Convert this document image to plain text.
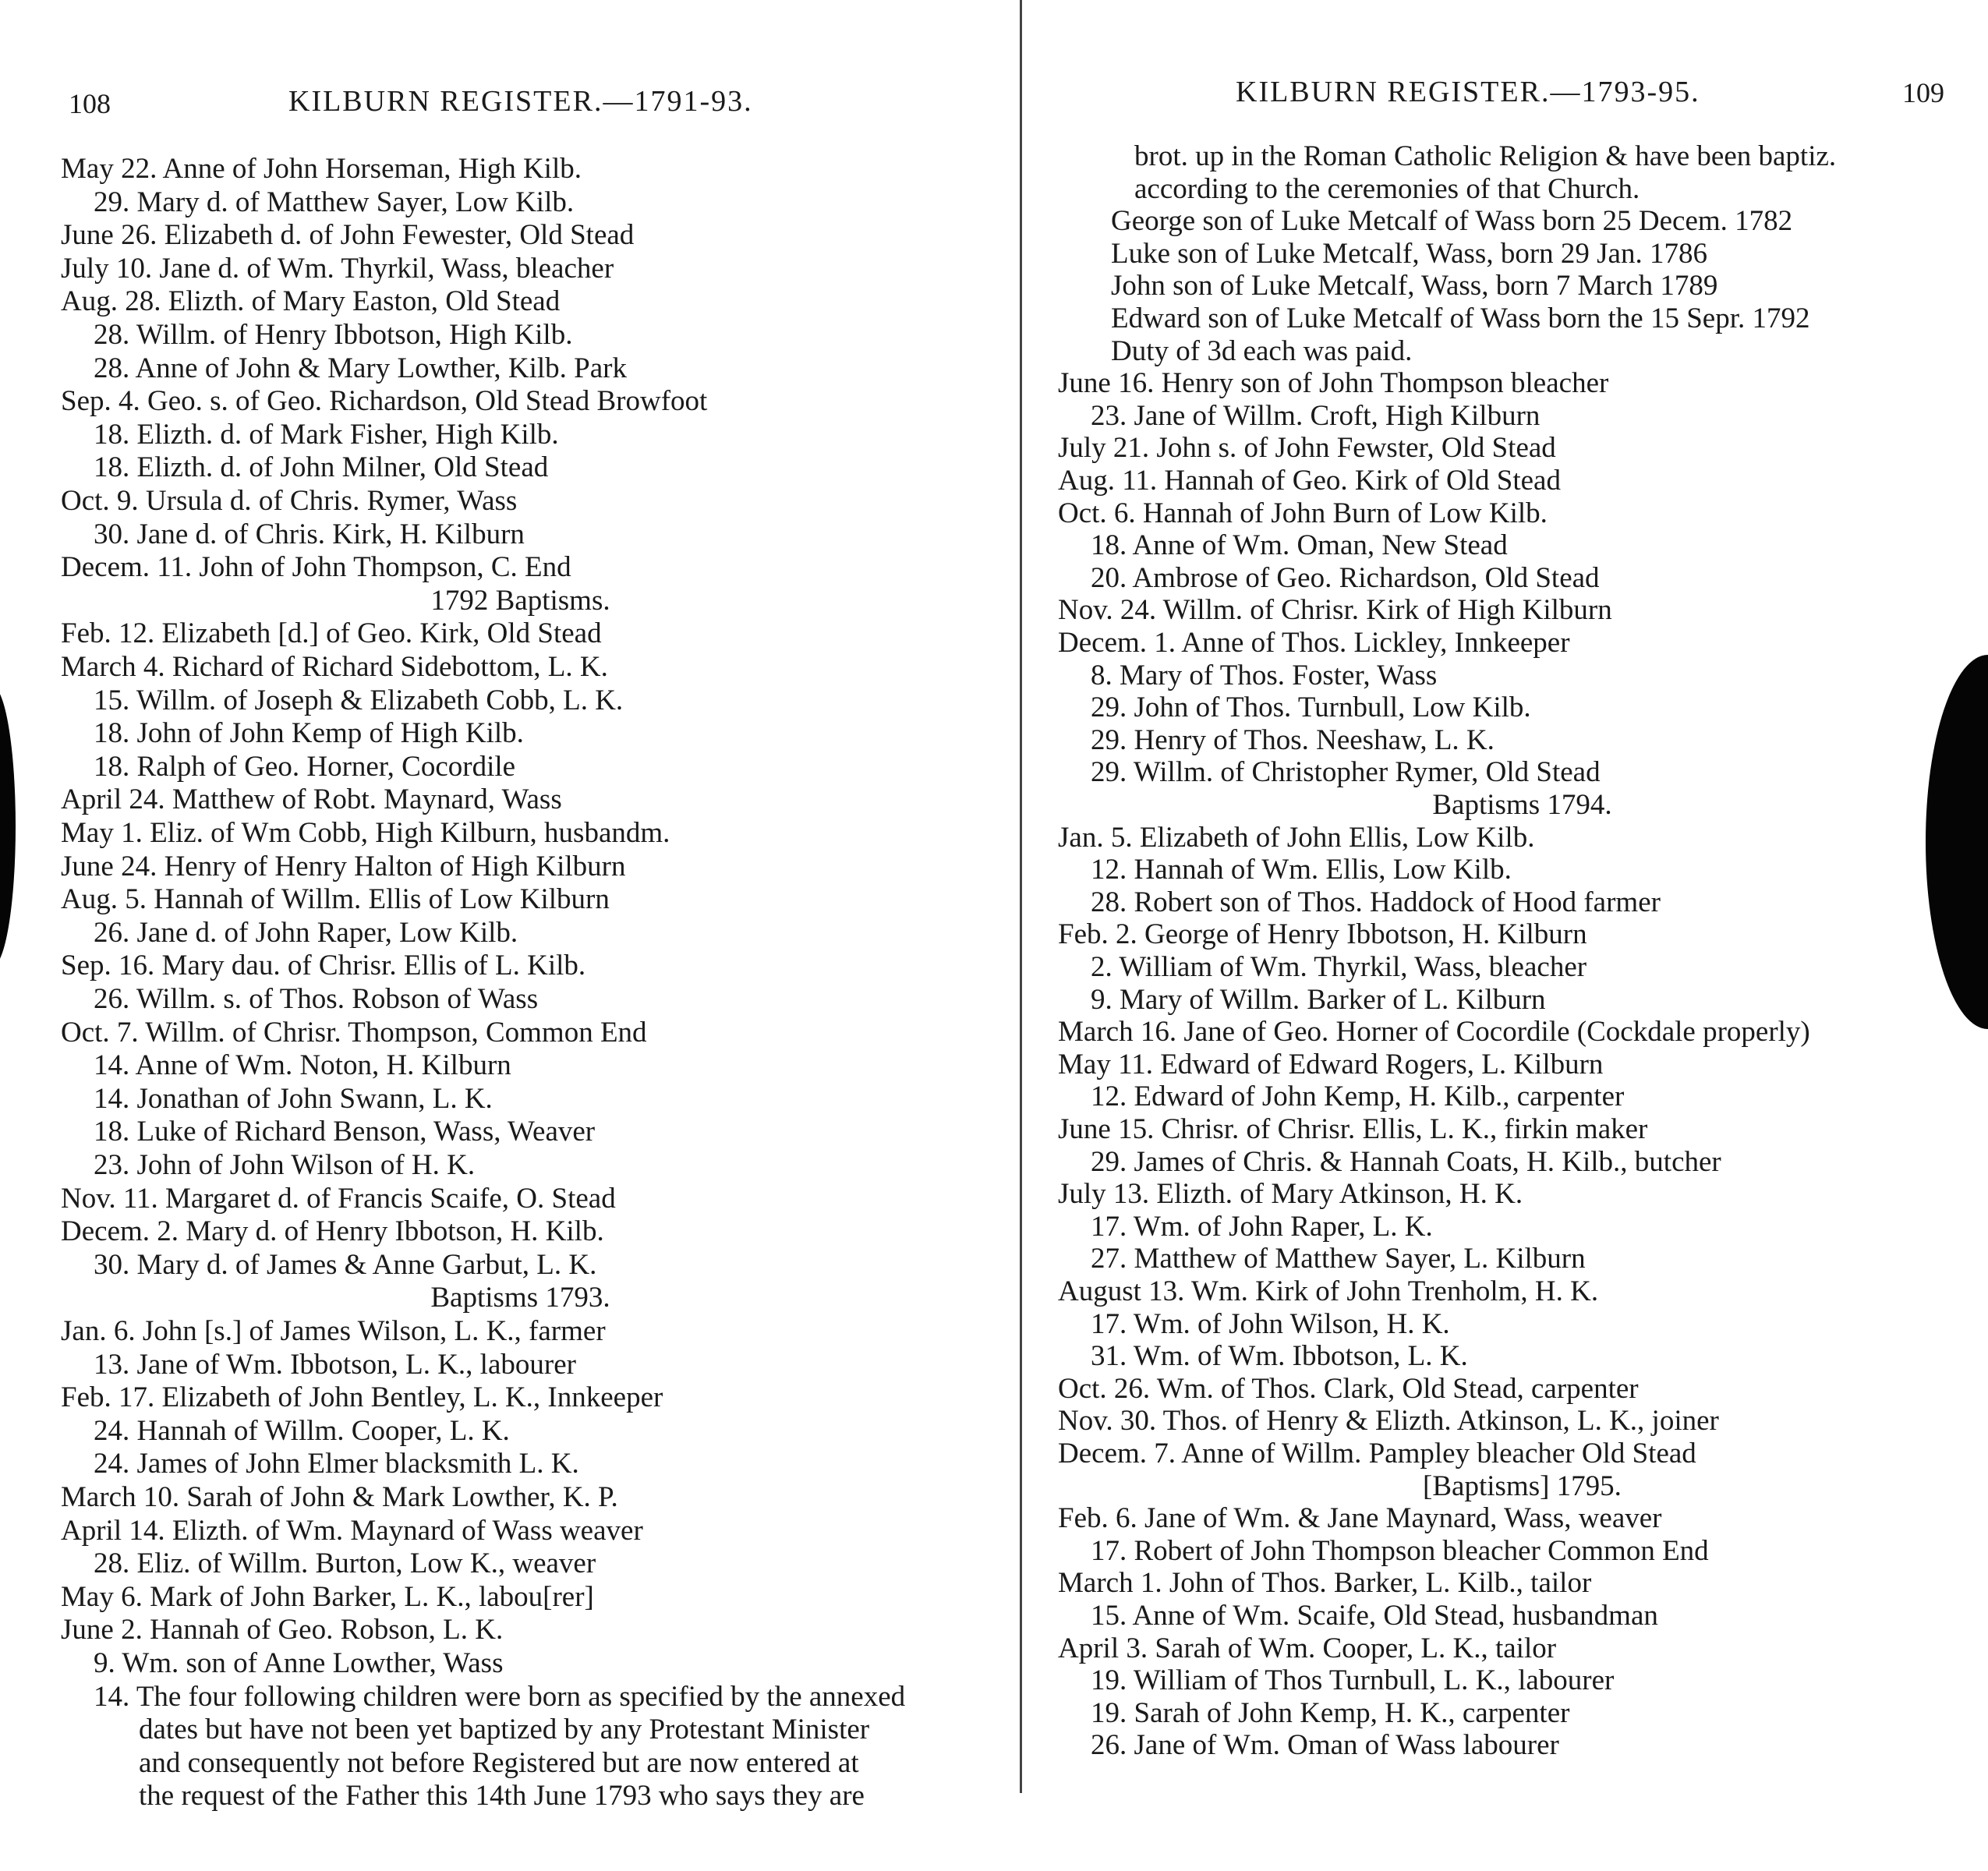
108	KILBURN REGISTER.—1791-93.
May 22. Anne of John Horseman, High Kilb.
29. Mary d. of Matthew Sayer, Low Kilb.
June 26. Elizabeth d. of John Fewester, Old Stead
July 10. Jane d. of Wm. Thyrkil, Wass, bleacher
Aug. 28. Elizth. of Mary Easton, Old Stead
28. Willm. of Henry Ibbotson, High Kilb.
28. Anne of John & Mary Lowther, Kilb. Park
Sep. 4. Geo. s. of Geo. Richardson, Old Stead Browfoot
18. Elizth. d. of Mark Fisher, High Kilb.
18. Elizth. d. of John Milner, Old Stead
Oct. 9. Ursula d. of Chris. Rymer, Wass
30. Jane d. of Chris. Kirk, H. Kilburn
Decem. 11. John of John Thompson, C. End
1792 Baptisms.
Feb. 12. Elizabeth [d.] of Geo. Kirk, Old Stead
March 4. Richard of Richard Sidebottom, L. K.
15. Willm. of Joseph & Elizabeth Cobb, L. K.
18. John of John Kemp of High Kilb.
18. Ralph of Geo. Horner, Cocordile
April 24. Matthew of Robt. Maynard, Wass
May 1. Eliz. of Wm Cobb, High Kilburn, husbandm.
June 24. Henry of Henry Halton of High Kilburn
Aug. 5. Hannah of Willm. Ellis of Low Kilburn
26. Jane d. of John Raper, Low Kilb.
Sep. 16. Mary dau. of Chrisr. Ellis of L. Kilb.
26. Willm. s. of Thos. Robson of Wass
Oct. 7. Willm. of Chrisr. Thompson, Common End
14. Anne of Wm. Noton, H. Kilburn
14. Jonathan of John Swann, L. K.
18. Luke of Richard Benson, Wass, Weaver
23. John of John Wilson of H. K.
Nov. 11. Margaret d. of Francis Scaife, O. Stead
Decem. 2. Mary d. of Henry Ibbotson, H. Kilb.
30. Mary d. of James & Anne Garbut, L. K.
Baptisms 1793.
Jan. 6. John [s.] of James Wilson, L. K., farmer
13. Jane of Wm. Ibbotson, L. K., labourer
Feb. 17. Elizabeth of John Bentley, L. K., Innkeeper
24. Hannah of Willm. Cooper, L. K.
24. James of John Elmer blacksmith L. K.
March 10. Sarah of John & Mark Lowther, K. P.
April 14. Elizth. of Wm. Maynard of Wass weaver
28. Eliz. of Willm. Burton, Low K., weaver
May 6. Mark of John Barker, L. K., labou[rer]
June 2. Hannah of Geo. Robson, L. K.
9. Wm. son of Anne Lowther, Wass
14. The four following children were born as specified by the annexed
dates but have not been yet baptized by any Protestant Minister
and consequently not before Registered but are now entered at
the request of the Father this 14th June 1793 who says they are
KILBURN REGISTER.—1793-95.	109
brot. up in the Roman Catholic Religion & have been baptiz.
according to the ceremonies of that Church.
George son of Luke Metcalf of Wass born 25 Decem. 1782
Luke son of Luke Metcalf, Wass, born 29 Jan. 1786
John son of Luke Metcalf, Wass, born 7 March 1789
Edward son of Luke Metcalf of Wass born the 15 Sepr. 1792
Duty of 3d each was paid.
June 16. Henry son of John Thompson bleacher
23. Jane of Willm. Croft, High Kilburn
July 21. John s. of John Fewster, Old Stead
Aug. 11. Hannah of Geo. Kirk of Old Stead
Oct. 6. Hannah of John Burn of Low Kilb.
18. Anne of Wm. Oman, New Stead
20. Ambrose of Geo. Richardson, Old Stead
Nov. 24. Willm. of Chrisr. Kirk of High Kilburn
Decem. 1. Anne of Thos. Lickley, Innkeeper
8. Mary of Thos. Foster, Wass
29. John of Thos. Turnbull, Low Kilb.
29. Henry of Thos. Neeshaw, L. K.
29. Willm. of Christopher Rymer, Old Stead
Baptisms 1794.
Jan. 5. Elizabeth of John Ellis, Low Kilb.
12. Hannah of Wm. Ellis, Low Kilb.
28. Robert son of Thos. Haddock of Hood farmer
Feb. 2. George of Henry Ibbotson, H. Kilburn
2. William of Wm. Thyrkil, Wass, bleacher
9. Mary of Willm. Barker of L. Kilburn
March 16. Jane of Geo. Horner of Cocordile (Cockdale properly)
May 11. Edward of Edward Rogers, L. Kilburn
12. Edward of John Kemp, H. Kilb., carpenter
June 15. Chrisr. of Chrisr. Ellis, L. K., firkin maker
29. James of Chris. & Hannah Coats, H. Kilb., butcher
July 13. Elizth. of Mary Atkinson, H. K.
17. Wm. of John Raper, L. K.
27. Matthew of Matthew Sayer, L. Kilburn
August 13. Wm. Kirk of John Trenholm, H. K.
17. Wm. of John Wilson, H. K.
31. Wm. of Wm. Ibbotson, L. K.
Oct. 26. Wm. of Thos. Clark, Old Stead, carpenter
Nov. 30. Thos. of Henry & Elizth. Atkinson, L. K., joiner
Decem. 7. Anne of Willm. Pampley bleacher Old Stead
[Baptisms] 1795.
Feb. 6. Jane of Wm. & Jane Maynard, Wass, weaver
17. Robert of John Thompson bleacher Common End
March 1. John of Thos. Barker, L. Kilb., tailor
15. Anne of Wm. Scaife, Old Stead, husbandman
April 3. Sarah of Wm. Cooper, L. K., tailor
19. William of Thos Turnbull, L. K., labourer
19. Sarah of John Kemp, H. K., carpenter
26. Jane of Wm. Oman of Wass labourer
